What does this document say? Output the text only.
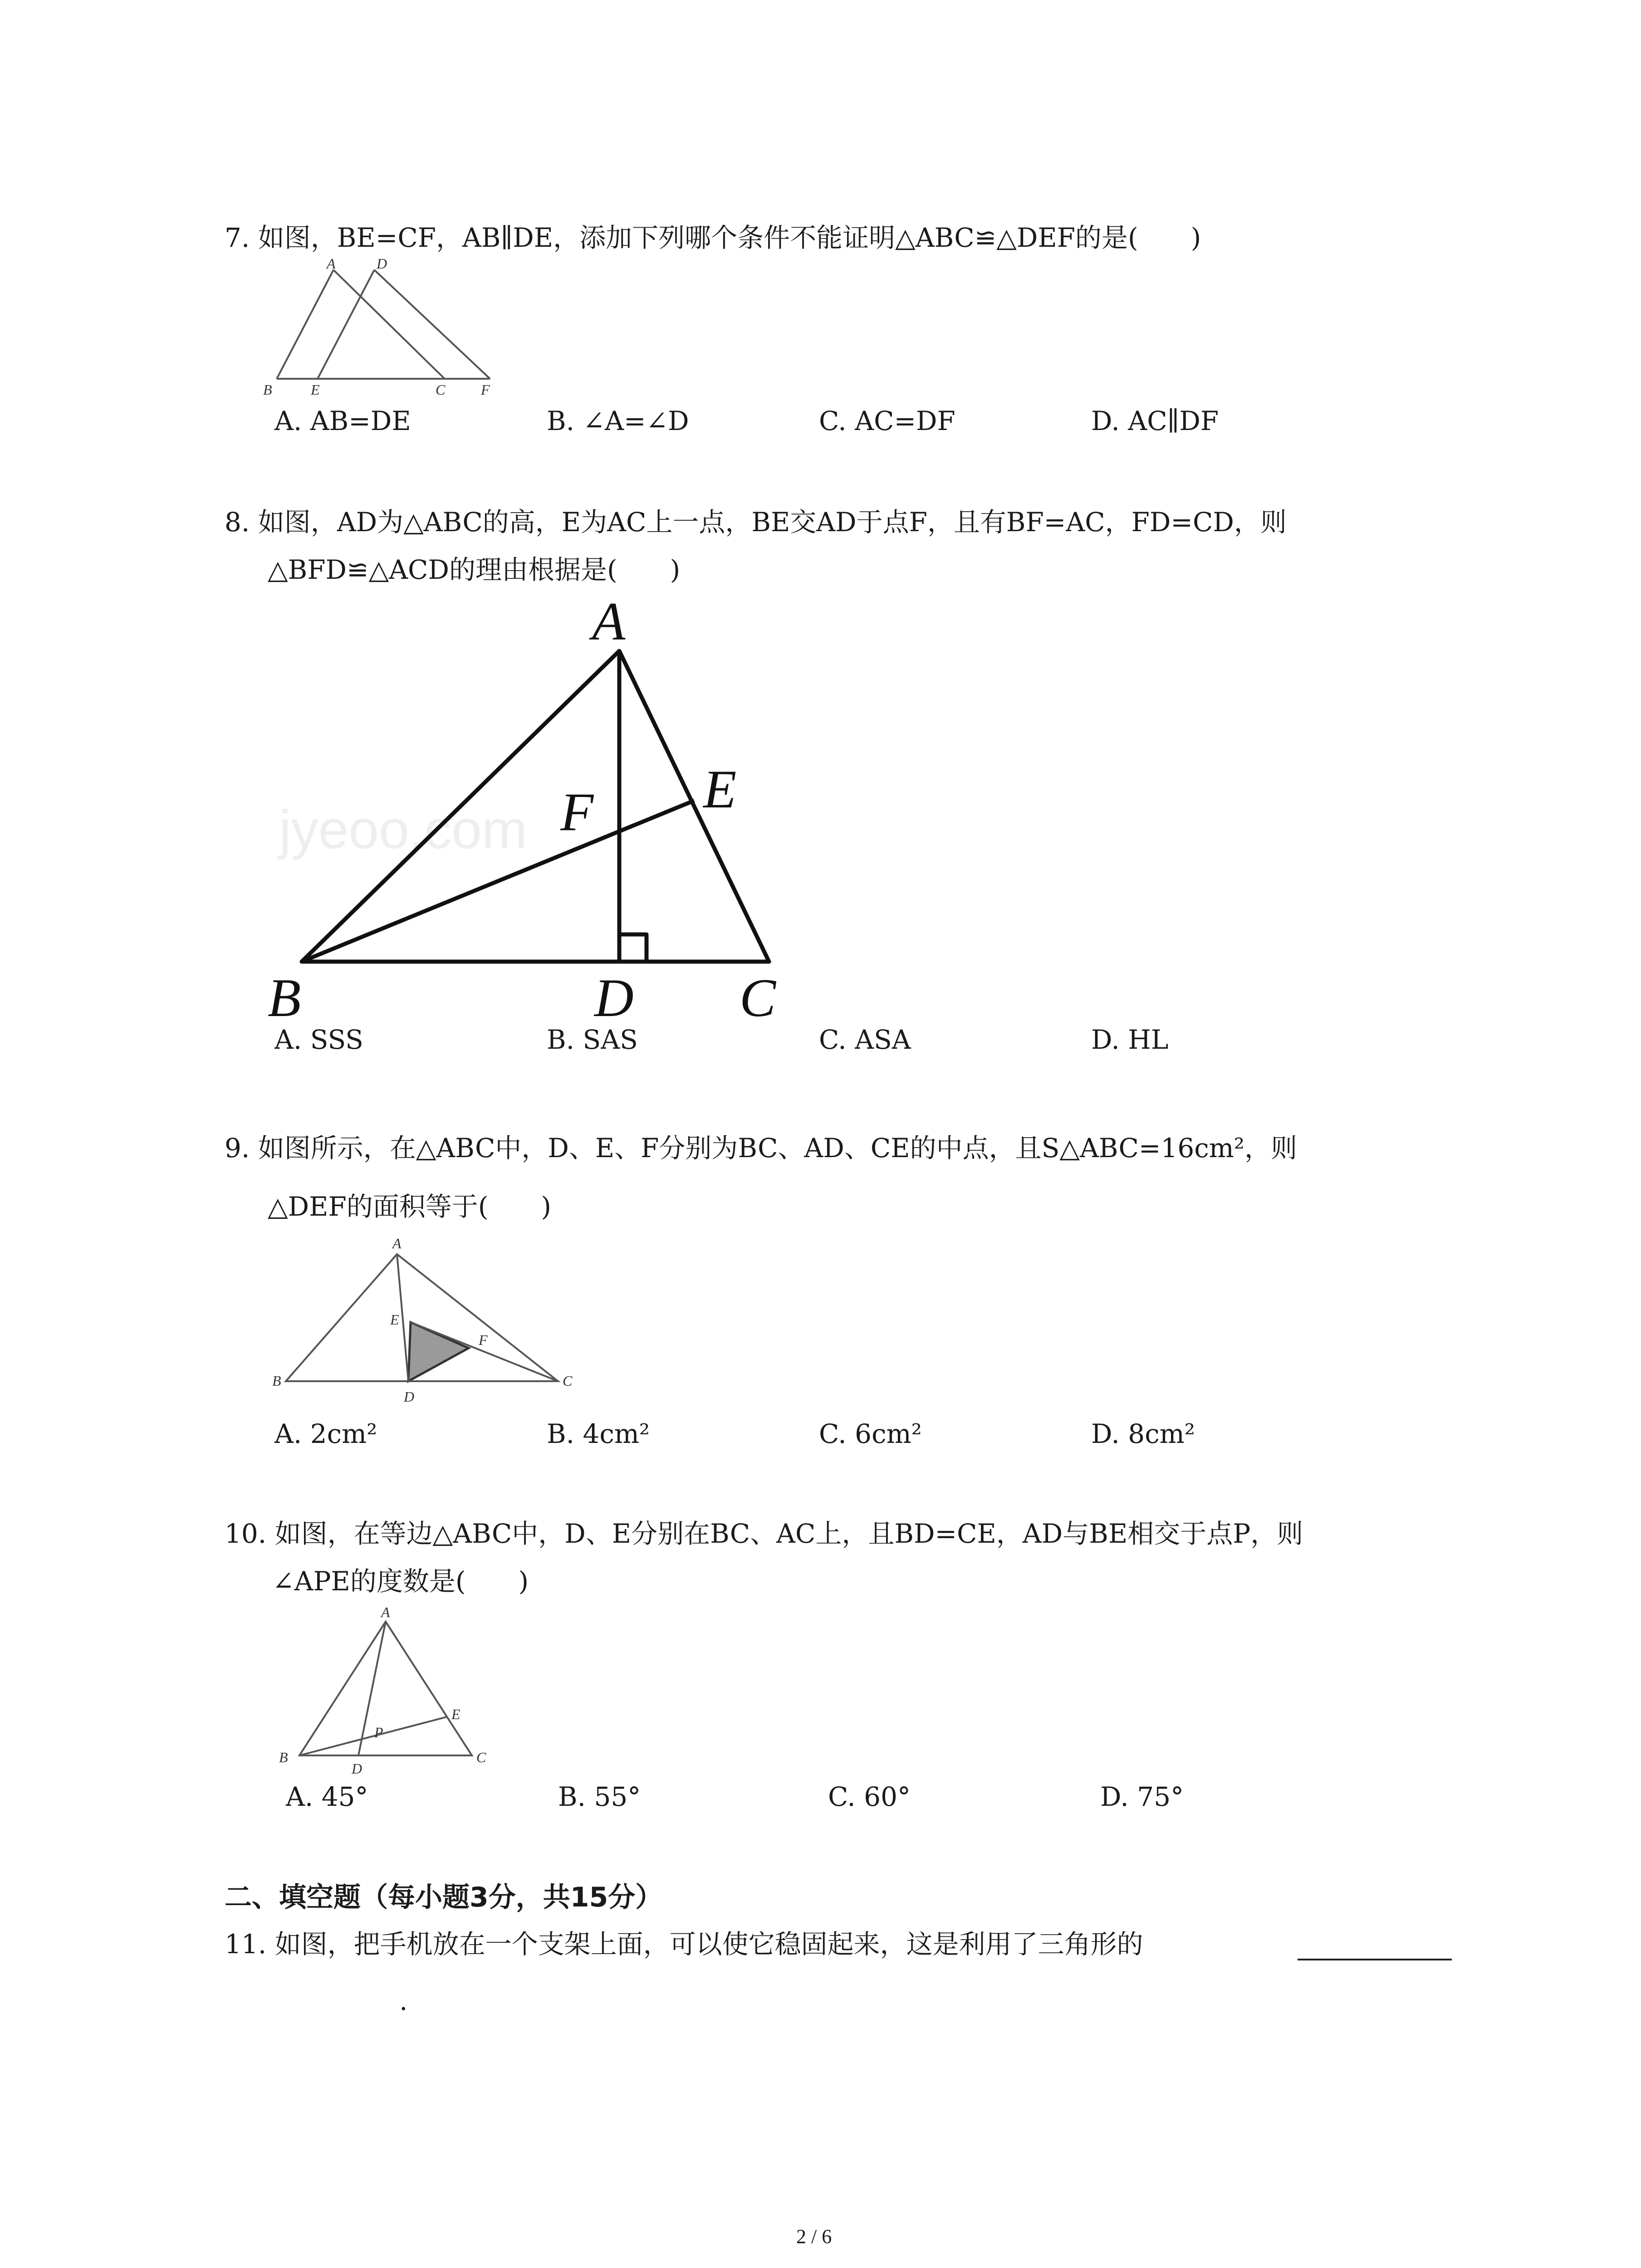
7. 如图，BE=CF，AB∥DE，添加下列哪个条件不能证明△ABC≌△DEF的是(　　)
A	D
B	E	C F
A. AB=DE	B. ∠A=∠D	C. AC=DF	D. AC∥DF
8. 如图，AD为△ABC的高，E为AC上一点，BE交AD于点F，且有BF=AC，FD=CD，则
△BFD≌△ACD的理由根据是(　　)
jyeoo.com
A
E
F
B	D C
A. SSS	B. SAS	C. ASA	D. HL
9. 如图所示，在△ABC中，D、E、F分别为BC、AD、CE的中点，且S△ABC=16cm²，则
△DEF的面积等于(　　)
A
E
F
B	C
D
A. 2cm²	B. 4cm²	C. 6cm²	D. 8cm²
10. 如图，在等边△ABC中，D、E分别在BC、AC上，且BD=CE，AD与BE相交于点P，则
∠APE的度数是(　　)
A
E
P
B	C
D
A. 45°	B. 55°	C. 60°	D. 75°
二、填空题（每小题3分，共15分）
11. 如图，把手机放在一个支架上面，可以使它稳固起来，这是利用了三角形的
.
2 / 6
